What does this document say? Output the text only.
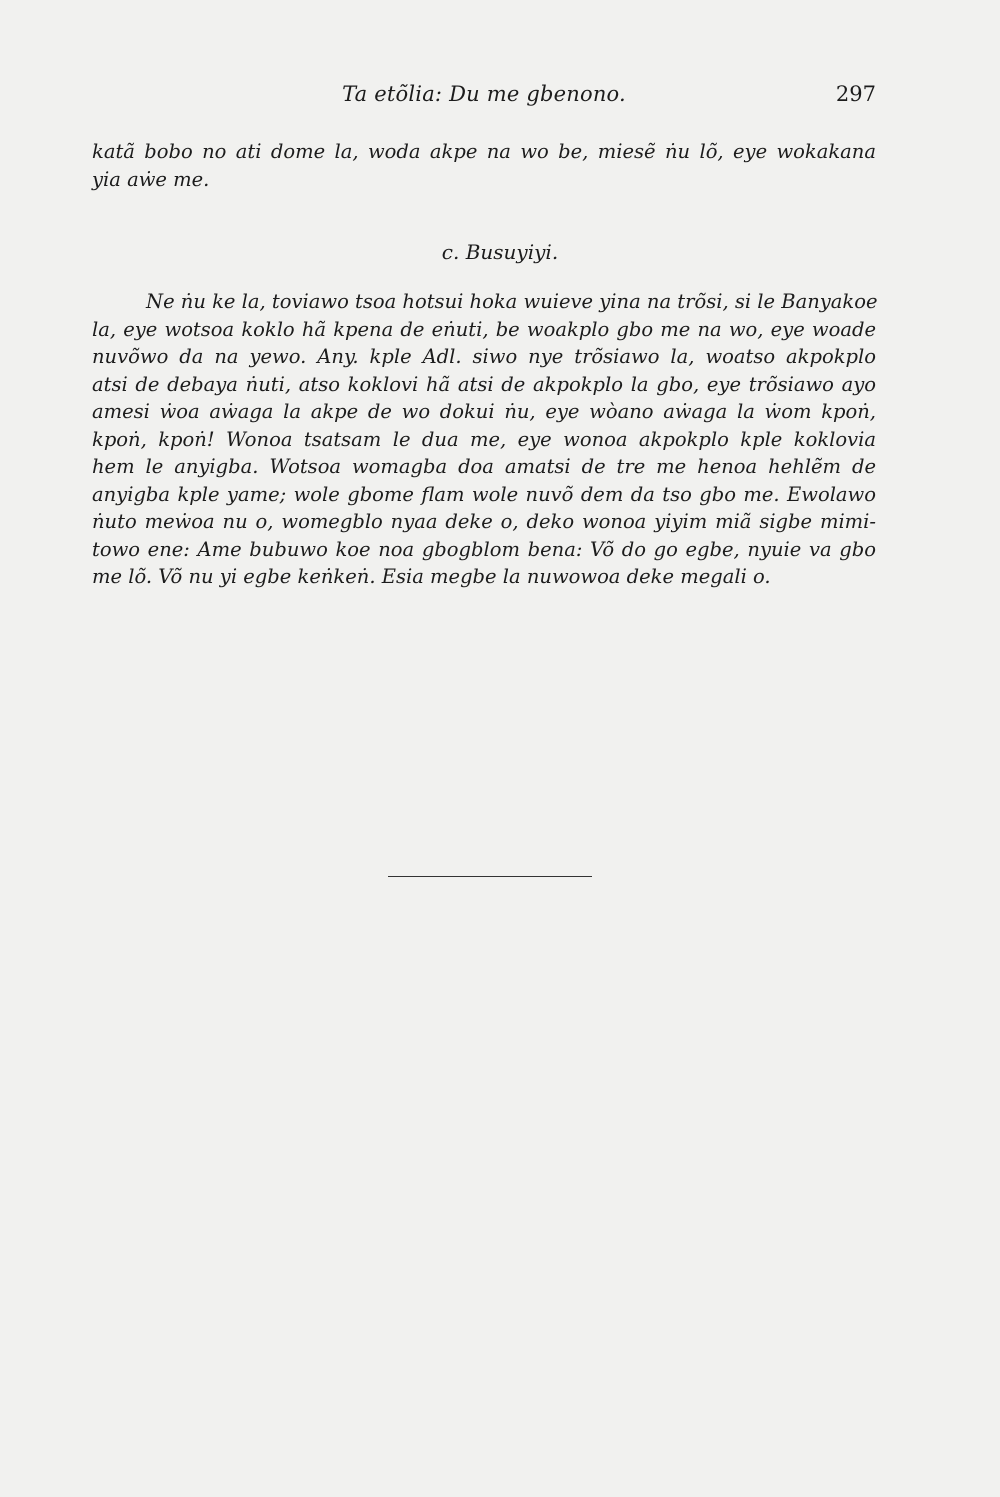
Ta etõlia: Du me gbenono.	297
katã bobo no ati dome la, woda akpe na wo be, miesẽ ṅu lõ, eye wokakana
yia aẇe me.
c. Busuyiyi.
Ne ṅu ke la, toviawo tsoa hotsui hoka wuieve yina na trõsi, si le Banyakoe
la, eye wotsoa koklo hã kpena de eṅuti, be woakplo gbo me na wo, eye woade
nuvõwo da na yewo. Any. kple Adl. siwo nye trõsiawo la, woatso akpokplo
atsi de debaya ṅuti, atso koklovi hã atsi de akpokplo la gbo, eye trõsiawo ayo
amesi ẇoa aẇaga la akpe de wo dokui ṅu, eye wòano aẇaga la ẇom kpoṅ,
kpoṅ, kpoṅ! Wonoa tsatsam le dua me, eye wonoa akpokplo kple koklovia
hem le anyigba. Wotsoa womagba doa amatsi de tre me henoa hehlẽm de
anyigba kple yame; wole gbome flam wole nuvõ dem da tso gbo me. Ewolawo
ṅuto meẇoa nu o, womegblo nyaa deke o, deko wonoa yiyim miã sigbe mimi-
towo ene: Ame bubuwo koe noa gbogblom bena: Võ do go egbe, nyuie va gbo
me lõ. Võ nu yi egbe keṅkeṅ. Esia megbe la nuwowoa deke megali o.
